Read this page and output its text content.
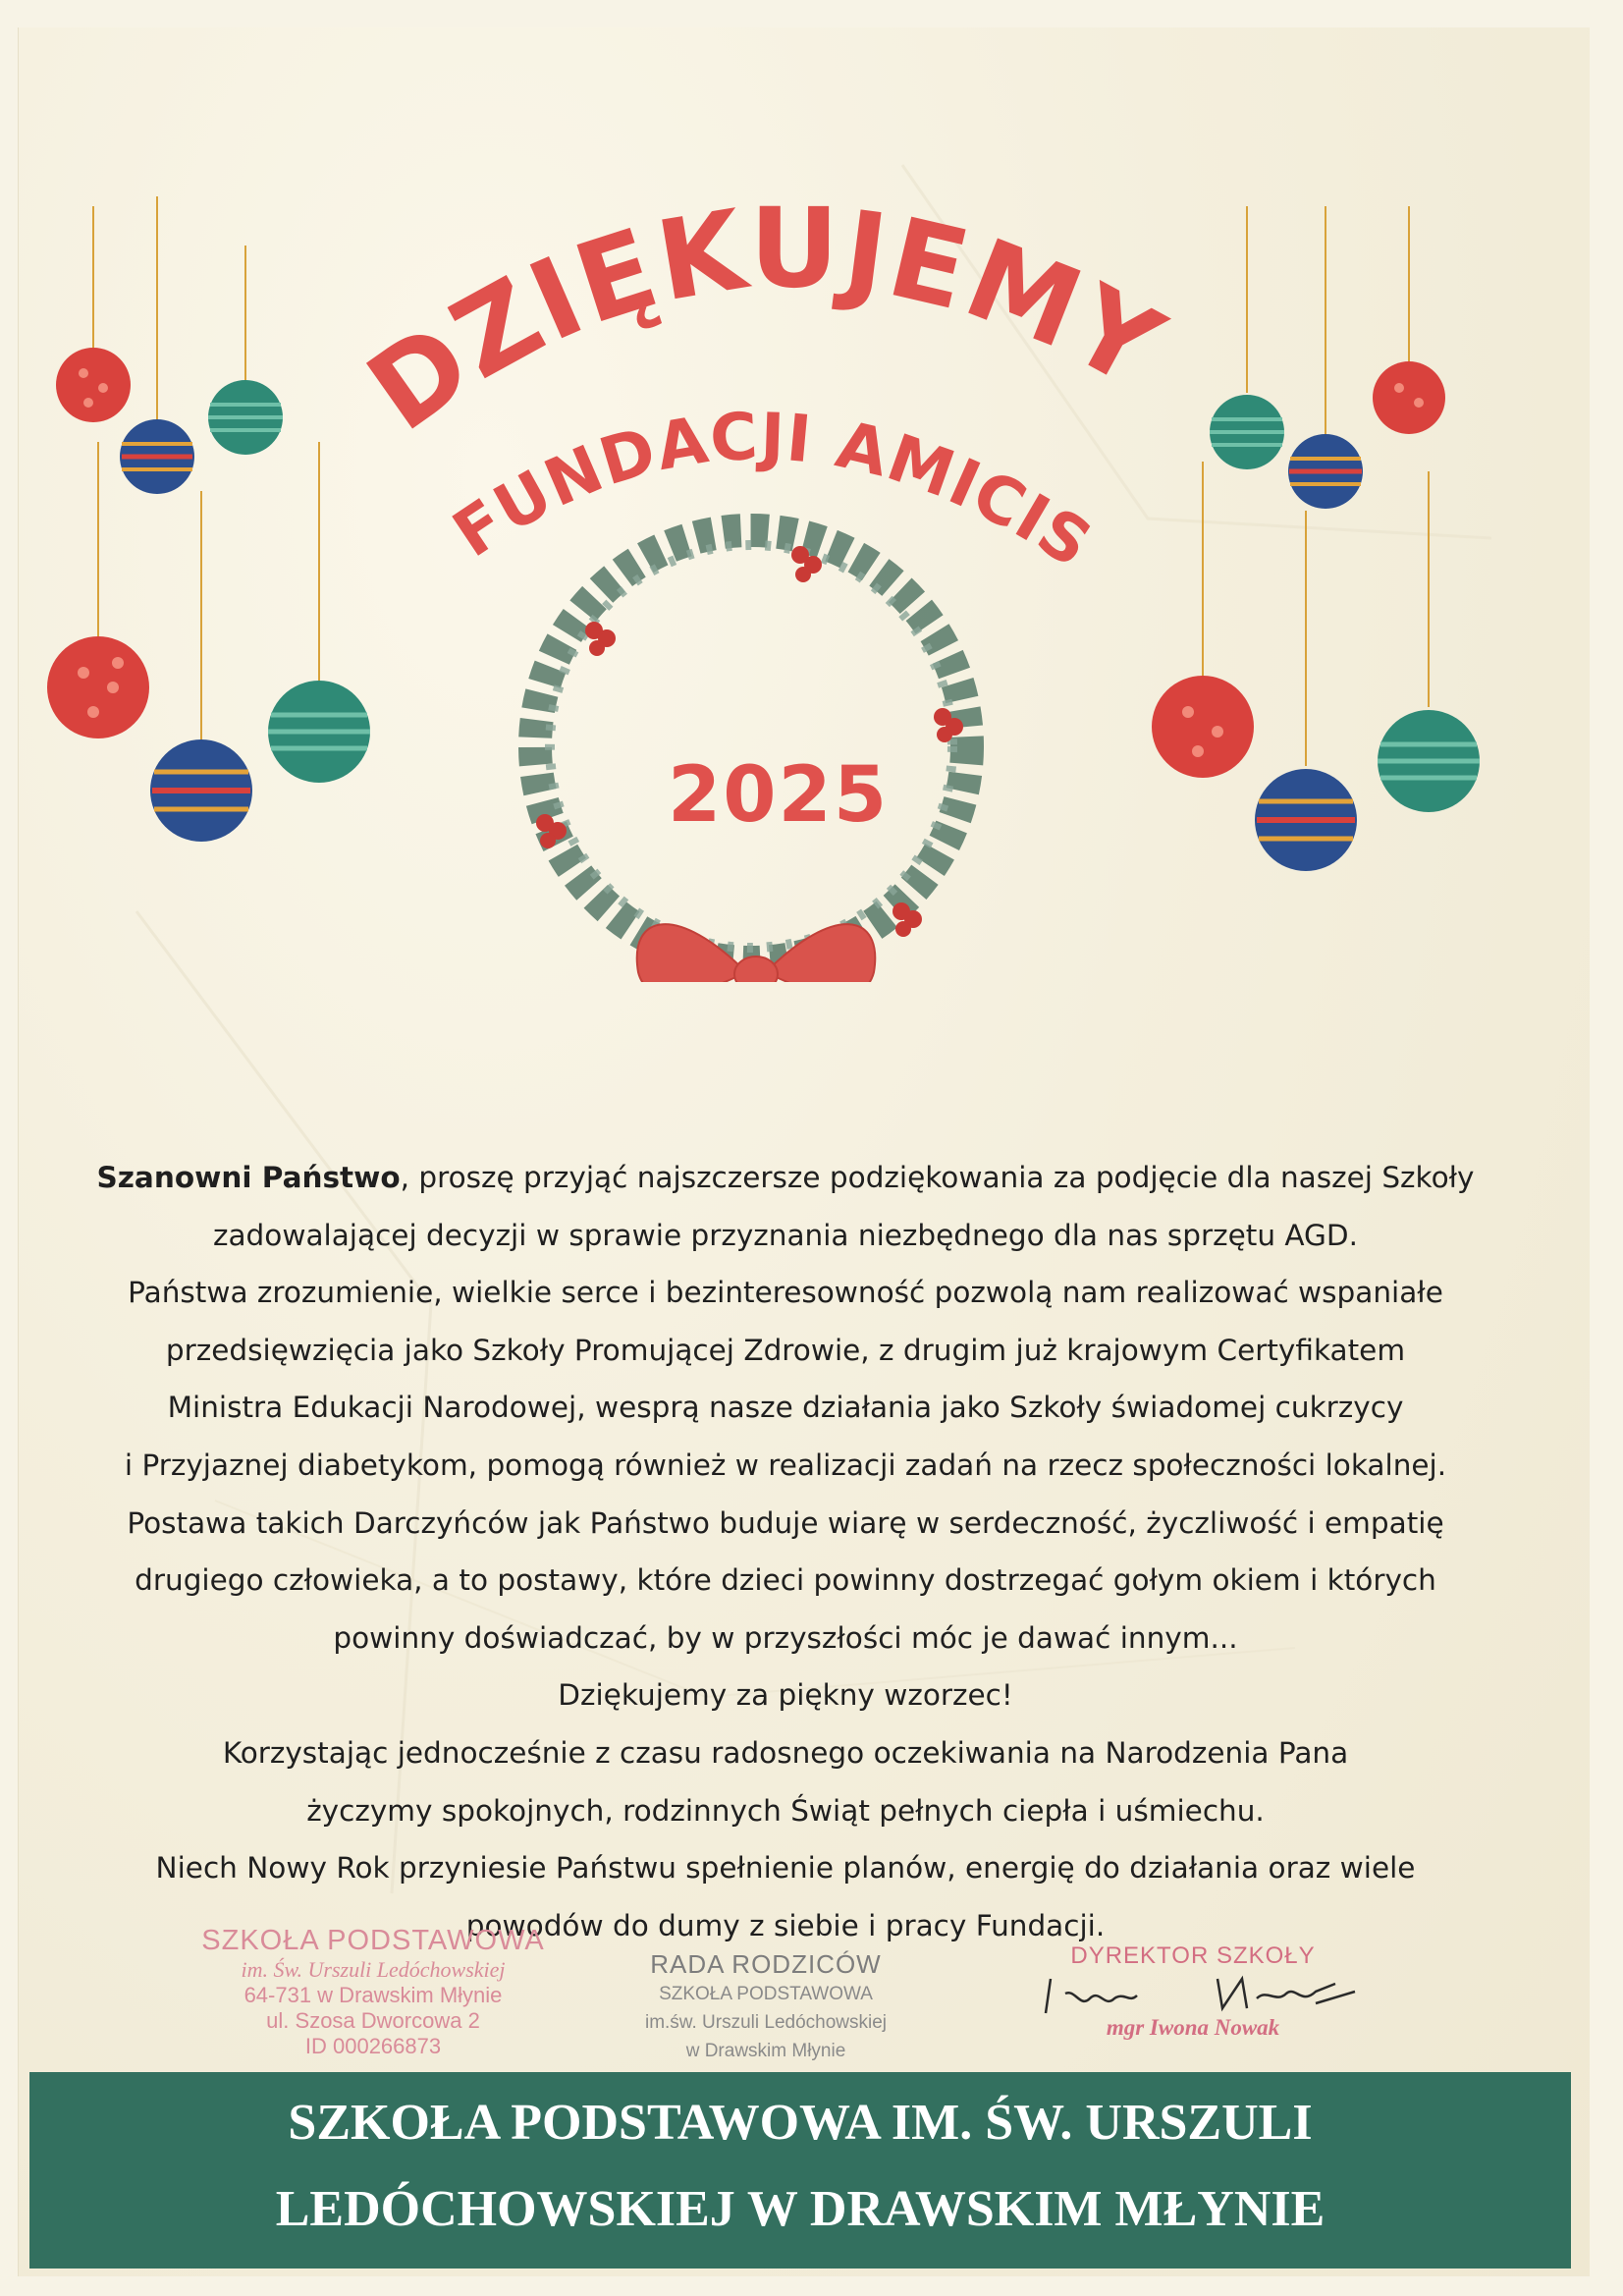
DZIĘKUJEMY
FUNDACJI AMICIS
2025

Szanowni Państwo, proszę przyjąć najszczersze podziękowania za podjęcie dla naszej Szkoły

zadowalającej decyzji w sprawie przyznania niezbędnego dla nas sprzętu AGD.

Państwa zrozumienie, wielkie serce i bezinteresowność pozwolą nam realizować wspaniałe

przedsięwzięcia jako Szkoły Promującej Zdrowie, z drugim już krajowym Certyfikatem

Ministra Edukacji Narodowej, wesprą nasze działania jako Szkoły świadomej cukrzycy

i Przyjaznej diabetykom, pomogą również w realizacji zadań na rzecz społeczności lokalnej.

Postawa takich Darczyńców jak Państwo buduje wiarę w serdeczność, życzliwość i empatię

drugiego człowieka, a to postawy, które dzieci powinny dostrzegać gołym okiem i których

powinny doświadczać, by w przyszłości móc je dawać innym...

Dziękujemy za piękny wzorzec!

Korzystając jednocześnie z czasu radosnego oczekiwania na Narodzenia Pana

życzymy spokojnych, rodzinnych Świąt pełnych ciepła i uśmiechu.

Niech Nowy Rok przyniesie Państwu spełnienie planów, energię do działania oraz wiele

powodów do dumy z siebie i pracy Fundacji.

SZKOŁA PODSTAWOWA
im. Św. Urszuli Ledóchowskiej
64-731 w Drawskim Młynie
ul. Szosa Dworcowa 2
ID 000266873
RADA RODZICÓW
SZKOŁA PODSTAWOWA
im.św. Urszuli Ledóchowskiej
w Drawskim Młynie
DYREKTOR SZKOŁY
mgr Iwona Nowak
SZKOŁA PODSTAWOWA IM. ŚW. URSZULI
LEDÓCHOWSKIEJ W DRAWSKIM MŁYNIE
